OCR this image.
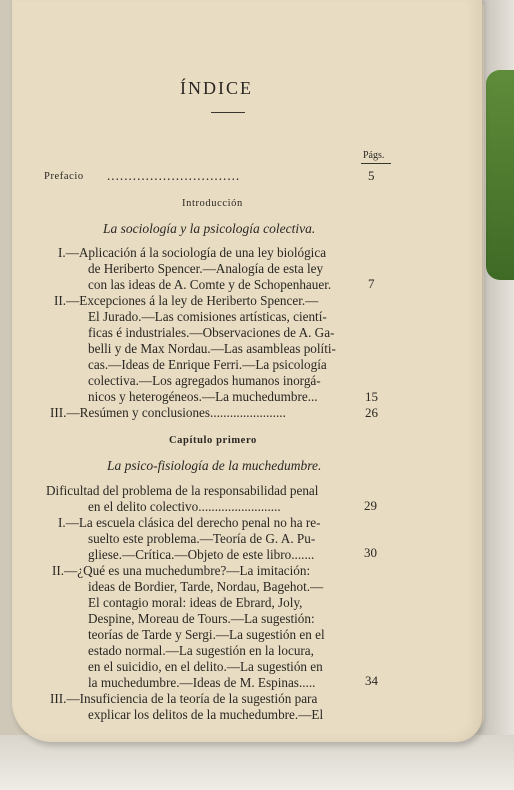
ÍNDICE
Págs.
Prefacio ...............................	5
Introducción
La sociología y la psicología colectiva.
I.—Aplicación á la sociología de una ley biológica
de Heriberto Spencer.—Analogía de esta ley
con las ideas de A. Comte y de Schopenhauer.	7
II.—Excepciones á la ley de Heriberto Spencer.—
El Jurado.—Las comisiones artísticas, cientí-
ficas é industriales.—Observaciones de A. Ga-
belli y de Max Nordau.—Las asambleas políti-
cas.—Ideas de Enrique Ferri.—La psicología
colectiva.—Los agregados humanos inorgá-
nicos y heterogéneos.—La muchedumbre...	15
III.—Resúmen y conclusiones.......................	26
Capítulo primero
La psico-fisiología de la muchedumbre.
Dificultad del problema de la responsabilidad penal
en el delito colectivo.........................	29
I.—La escuela clásica del derecho penal no ha re-
suelto este problema.—Teoría de G. A. Pu-
gliese.—Crítica.—Objeto de este libro.......	30
II.—¿Qué es una muchedumbre?—La imitación:
ideas de Bordier, Tarde, Nordau, Bagehot.—
El contagio moral: ideas de Ebrard, Joly,
Despine, Moreau de Tours.—La sugestión:
teorías de Tarde y Sergi.—La sugestión en el
estado normal.—La sugestión en la locura,
en el suicidio, en el delito.—La sugestión en
la muchedumbre.—Ideas de M. Espinas.....	34
III.—Insuficiencia de la teoría de la sugestión para
explicar los delitos de la muchedumbre.—El
